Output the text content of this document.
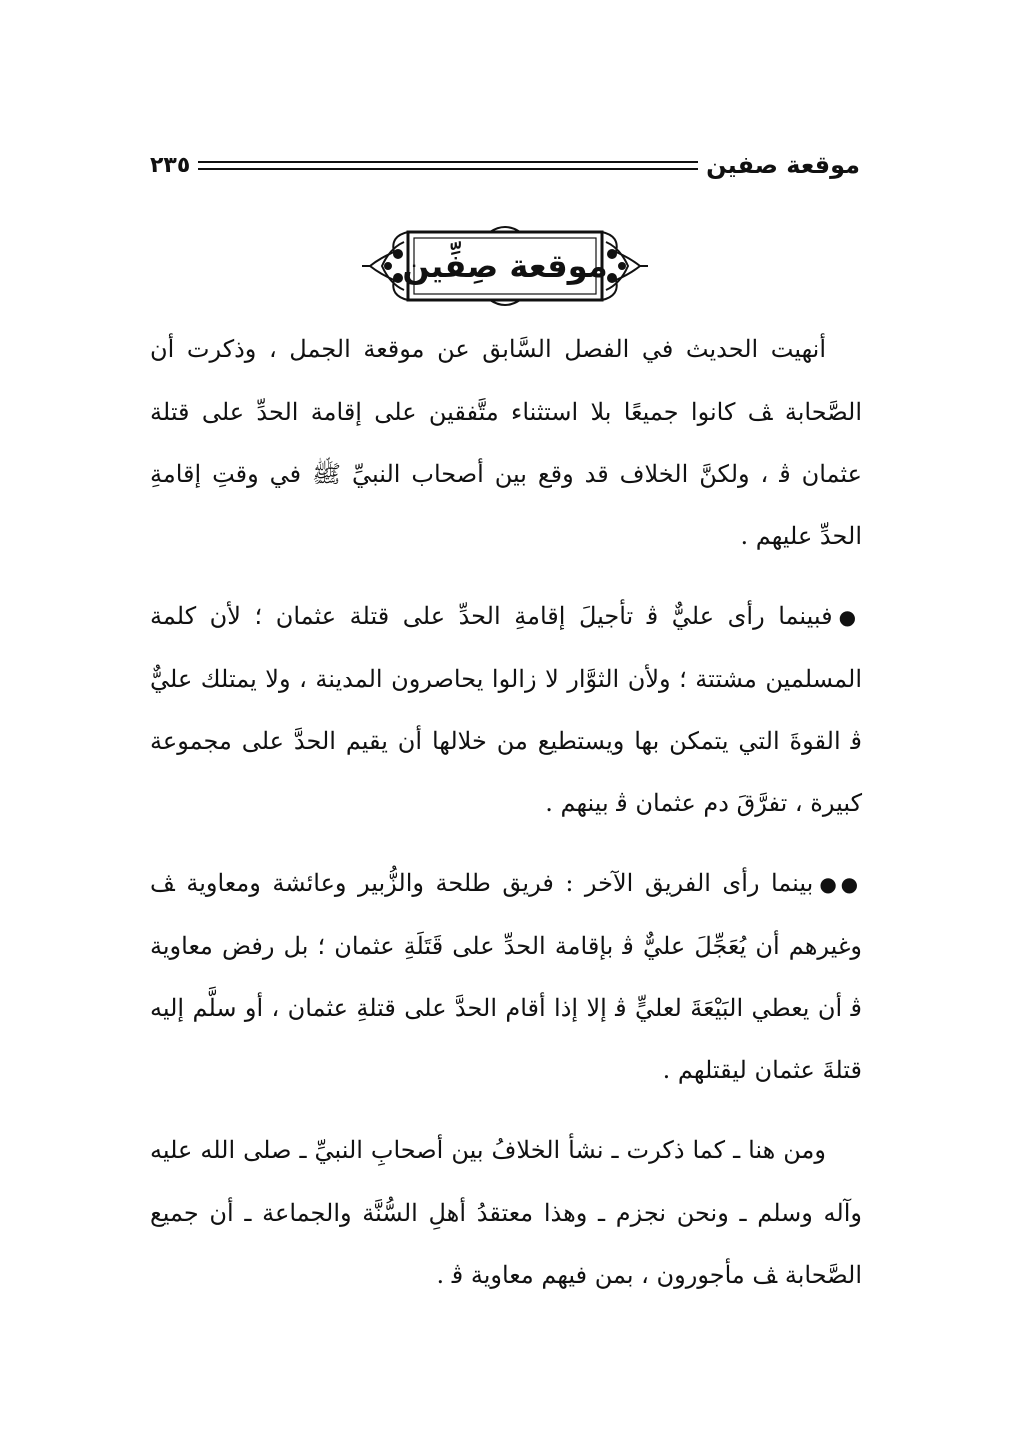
موقعة صفين
٢٣٥
موقعة صِفِّين

أنهيت الحديث في الفصل السَّابق عن موقعة الجمل ، وذكرت أن الصَّحابة ﭫ كانوا جميعًا بلا استثناء متَّفقين على إقامة الحدِّ على قتلة عثمان ﭬ ، ولكنَّ الخلاف قد وقع بين أصحاب النبيِّ ﷺ في وقتِ إقامةِ الحدِّ عليهم .

●فبينما رأى عليٌّ ﭬ تأجيلَ إقامةِ الحدِّ على قتلة عثمان ؛ لأن كلمة المسلمين مشتتة ؛ ولأن الثوَّار لا زالوا يحاصرون المدينة ، ولا يمتلك عليٌّ ﭬ القوةَ التي يتمكن بها ويستطيع من خلالها أن يقيم الحدَّ على مجموعة كبيرة ، تفرَّقَ دم عثمان ﭬ بينهم .

●●بينما رأى الفريق الآخر : فريق طلحة والزُّبير وعائشة ومعاوية ﭫ وغيرهم أن يُعَجِّلَ عليٌّ ﭬ بإقامة الحدِّ على قَتَلَةِ عثمان ؛ بل رفض معاوية ﭬ أن يعطي البَيْعَةَ لعليٍّ ﭬ إلا إذا أقام الحدَّ على قتلةِ عثمان ، أو سلَّم إليه قتلةَ عثمان ليقتلهم .

ومن هنا ـ كما ذكرت ـ نشأ الخلافُ بين أصحابِ النبيِّ ـ صلى الله عليه وآله وسلم ـ ونحن نجزم ـ وهذا معتقدُ أهلِ السُّنَّة والجماعة ـ أن جميع الصَّحابة ﭫ مأجورون ، بمن فيهم معاوية ﭬ .
